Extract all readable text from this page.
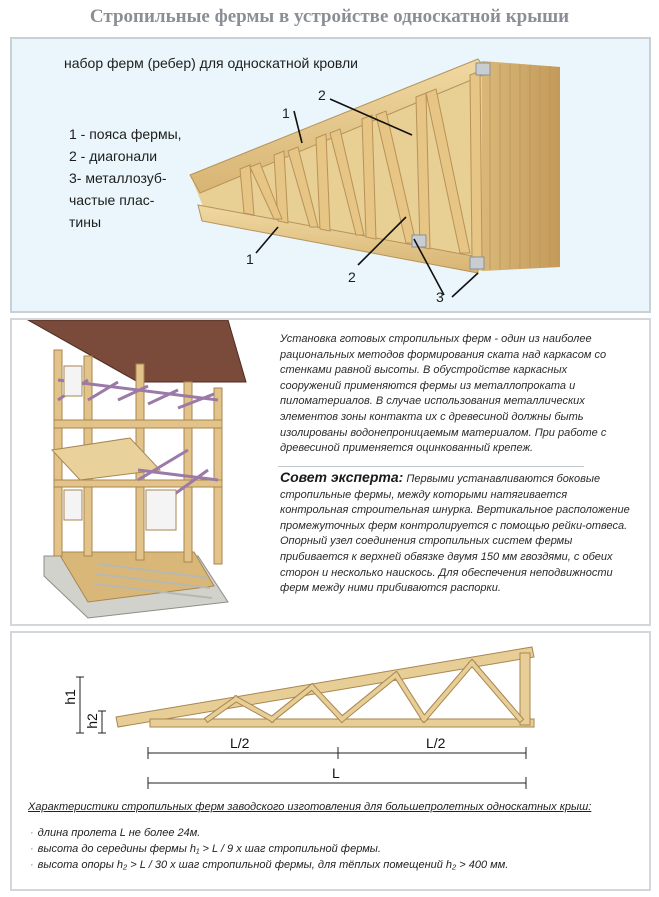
Стропильные фермы в устройстве односкатной крыши
набор ферм (ребер) для односкатной кровли
1 - пояса фермы,
2 - диагонали
3- металлозуб-
частые плас-
тины
1
2
1
2
3
Установка готовых стропильных ферм - один из наиболее рациональных методов формирования ската над каркасом со стенками равной высоты. В обустройстве каркасных сооружений применяются фермы из металлопроката и пиломатериалов. В случае использования металлических элементов зоны контакта их с древесиной должны быть изолированы водонепроницаемым материалом. При работе с древесиной применяется оцинкованный крепеж.
Совет эксперта: Первыми устанавливаются боковые стропильные фермы, между которыми натягивается контрольная строительная шнурка. Вертикальное расположение промежуточных ферм контролируется с помощью рейки-отвеса. Опорный узел соединения стропильных систем фермы прибивается к верхней обвязке двумя 150 мм гвоздями, с обеих сторон и несколько наискось. Для обеспечения неподвижности ферм между ними прибиваются распорки.
h1
h2
L/2	L/2
L
Характеристики стропильных ферм заводского изготовления для большепролетных односкатных крыш:
· длина пролета L не более 24м.
· высота до середины фермы h₁ > L / 9 x шаг стропильной фермы.
· высота опоры h₂ > L / 30 x шаг стропильной фермы, для тёплых помещений h₂ > 400 мм.
